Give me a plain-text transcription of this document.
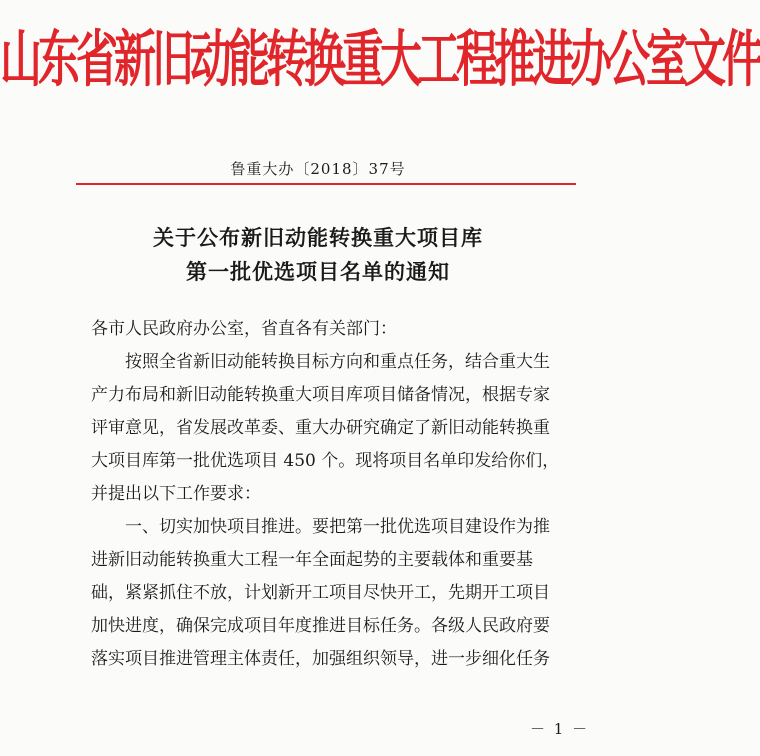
山东省新旧动能转换重大工程推进办公室文件
鲁重大办〔2018〕37号
关于公布新旧动能转换重大项目库
第一批优选项目名单的通知
各市人民政府办公室，省直各有关部门：
　　按照全省新旧动能转换目标方向和重点任务，结合重大生
产力布局和新旧动能转换重大项目库项目储备情况，根据专家
评审意见，省发展改革委、重大办研究确定了新旧动能转换重
大项目库第一批优选项目 450 个。现将项目名单印发给你们，
并提出以下工作要求：
　　一、切实加快项目推进。要把第一批优选项目建设作为推
进新旧动能转换重大工程一年全面起势的主要载体和重要基
础，紧紧抓住不放，计划新开工项目尽快开工，先期开工项目
加快进度，确保完成项目年度推进目标任务。各级人民政府要
落实项目推进管理主体责任，加强组织领导，进一步细化任务
－ 1 －
